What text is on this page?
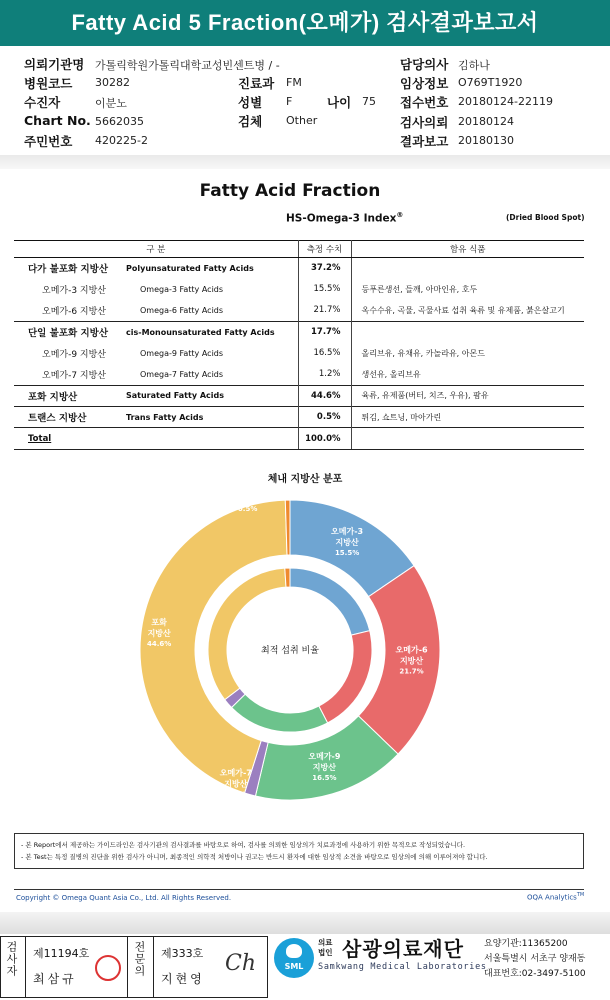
Fatty Acid 5 Fraction(오메가) 검사결과보고서
의뢰기관명 가톨릭학원가톨릭대학교성빈센트병 / -
병원코드 30282	진료과 FM
수진자	이분노	성별 F	나이 75
Chart No. 5662035	검체 Other
주민번호 420225-2
담당의사 김하나
임상정보 O769T1920
접수번호 20180124-22119
검사의뢰 20180124
결과보고 20180130
Fatty Acid Fraction
HS-Omega-3 Index®	(Dried Blood Spot)
구 분		측정 수치	함유 식품
다가 불포화 지방산	Polyunsaturated Fatty Acids	37.2%	
오메가-3 지방산	Omega-3 Fatty Acids	15.5%	등푸른생선, 들깨, 아마인유, 호두
오메가-6 지방산	Omega-6 Fatty Acids	21.7%	옥수수유, 곡물, 곡물사료 섭취 육류 및 유제품, 붉은살고기
단일 불포화 지방산	cis-Monounsaturated Fatty Acids	17.7%	
오메가-9 지방산	Omega-9 Fatty Acids	16.5%	올리브유, 유채유, 카놀라유, 아몬드
오메가-7 지방산	Omega-7 Fatty Acids	1.2%	생선유, 올리브유
포화 지방산	Saturated Fatty Acids	44.6%	육류, 유제품(버터, 치즈, 우유), 팜유
트랜스 지방산	Trans Fatty Acids	0.5%	튀김, 쇼트닝, 마아가린
Total		100.0%	
체내 지방산 분포
오메가-3
지방산
15.5%
오메가-6
지방산
21.7%
오메가-9
지방산
16.5%
오메가-7
지방산
1.2%
포화
지방산
44.6%
트랜스
지방산
0.5%
최적 섭취 비율
- 본 Report에서 제공하는 가이드라인은 검사기관의 검사결과를 바탕으로 하여, 검사를 의뢰한 임상의가 치료과정에 사용하기 위한 목적으로 작성되었습니다.
- 본 Test는 특정 질병의 진단을 위한 검사가 아니며, 최종적인 의학적 처방이나 권고는 반드시 환자에 대한 임상적 소견을 바탕으로 임상의에 의해 이루어져야 합니다.
Copyright © Omega Quant Asia Co., Ltd. All Rights Reserved.	OQA Analytics™
검사자 제11194호
최삼규
전문의 제333호
지현영
Ch	SML
의료법인 삼광의료재단
Samkwang Medical Laboratories
요양기관:11365200
서울특별시 서초구 양재동
대표번호:02-3497-5100
